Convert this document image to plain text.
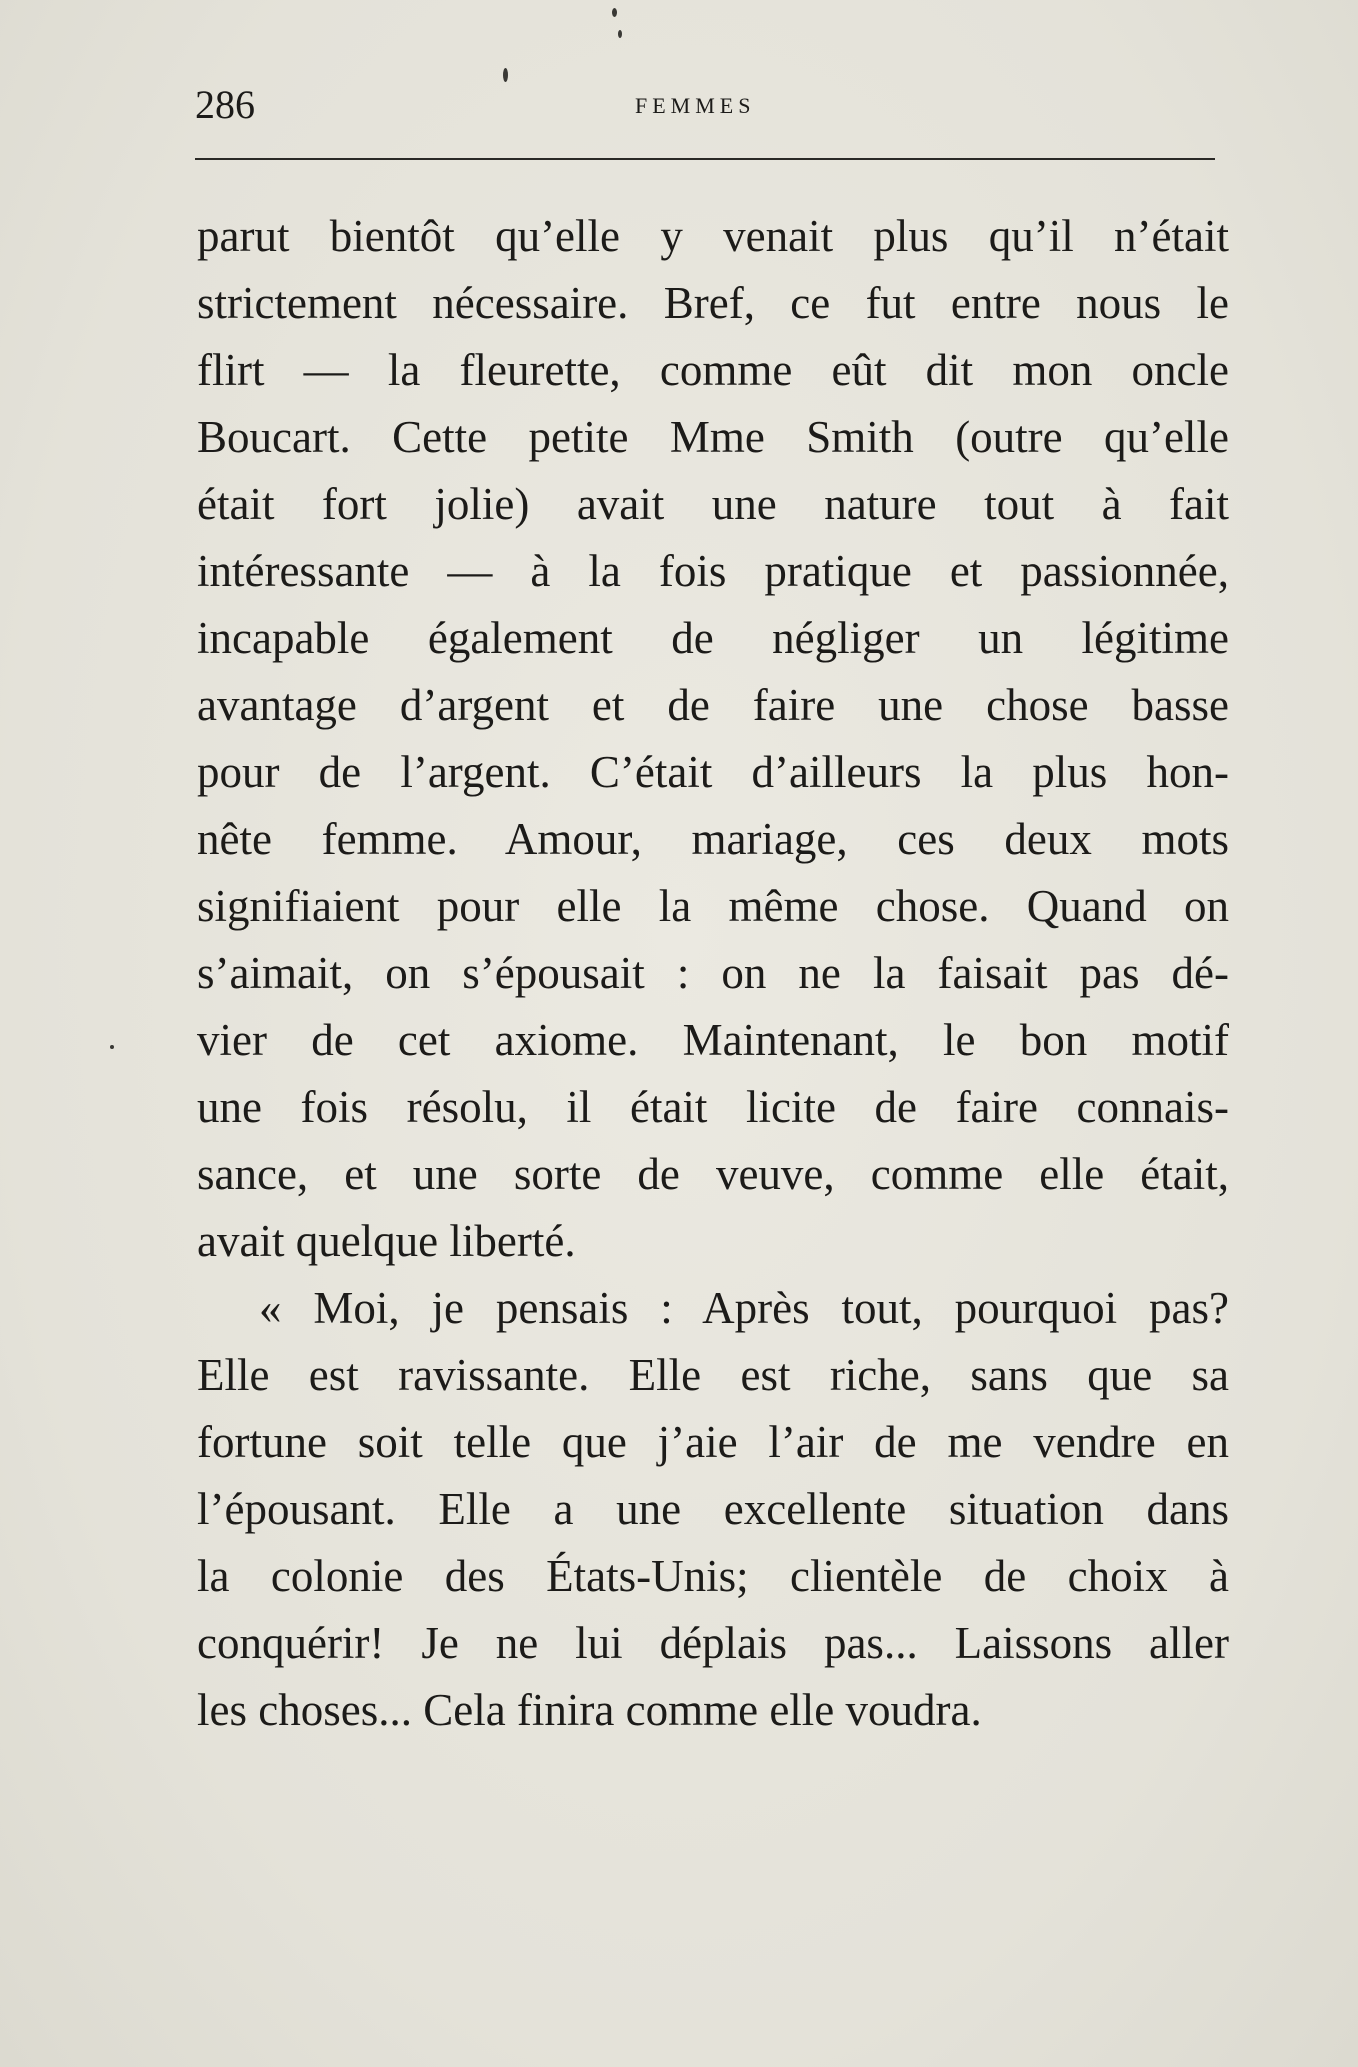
286	FEMMES
parut bientôt qu’elle y venait plus qu’il n’était
strictement nécessaire. Bref, ce fut entre nous le
flirt — la fleurette, comme eût dit mon oncle
Boucart. Cette petite Mme Smith (outre qu’elle
était fort jolie) avait une nature tout à fait
intéressante — à la fois pratique et passionnée,
incapable également de négliger un légitime
avantage d’argent et de faire une chose basse
pour de l’argent. C’était d’ailleurs la plus hon-
nête femme. Amour, mariage, ces deux mots
signifiaient pour elle la même chose. Quand on
s’aimait, on s’épousait : on ne la faisait pas dé-
vier de cet axiome. Maintenant, le bon motif
une fois résolu, il était licite de faire connais-
sance, et une sorte de veuve, comme elle était,
avait quelque liberté.
« Moi, je pensais : Après tout, pourquoi pas?
Elle est ravissante. Elle est riche, sans que sa
fortune soit telle que j’aie l’air de me vendre en
l’épousant. Elle a une excellente situation dans
la colonie des États-Unis; clientèle de choix à
conquérir! Je ne lui déplais pas... Laissons aller
les choses... Cela finira comme elle voudra.
